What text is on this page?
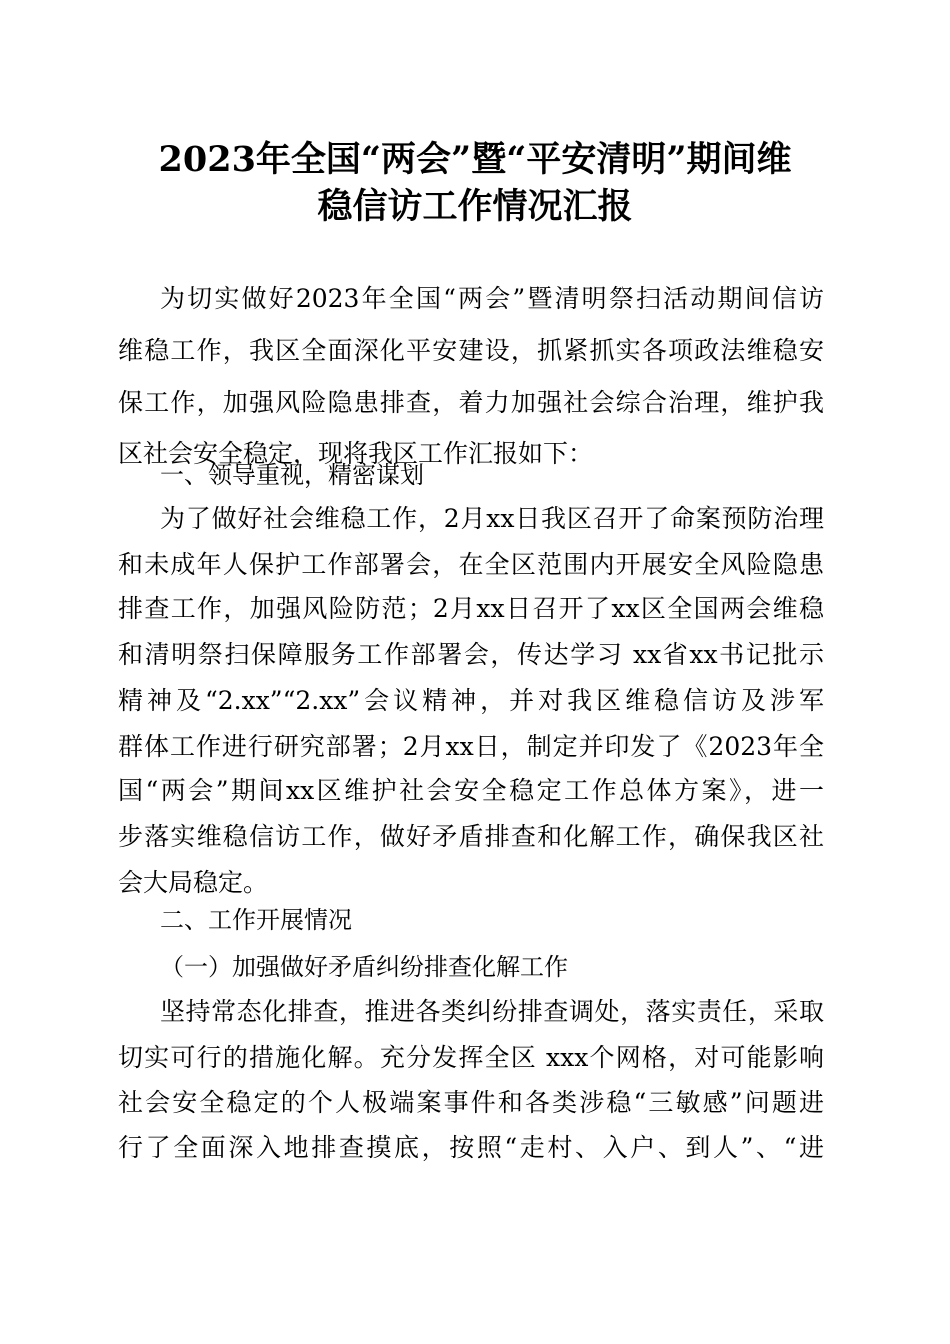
2023年全国“两会”暨“平安清明”期间维
稳信访工作情况汇报
为切实做好2023年全国“两会”暨清明祭扫活动期间信访
维稳工作，我区全面深化平安建设，抓紧抓实各项政法维稳安
保工作，加强风险隐患排查，着力加强社会综合治理，维护我
区社会安全稳定，现将我区工作汇报如下：
一、领导重视，精密谋划
为了做好社会维稳工作，2月xx日我区召开了命案预防治理
和未成年人保护工作部署会，在全区范围内开展安全风险隐患
排查工作，加强风险防范；2月xx日召开了xx区全国两会维稳
和清明祭扫保障服务工作部署会，传达学习 xx省xx书记批示
精神及“2.xx”“2.xx”会议精神，并对我区维稳信访及涉军
群体工作进行研究部署；2月xx日，制定并印发了《2023年全
国“两会”期间xx区维护社会安全稳定工作总体方案》，进一
步落实维稳信访工作，做好矛盾排查和化解工作，确保我区社
会大局稳定。
二、工作开展情况
（一）加强做好矛盾纠纷排查化解工作
坚持常态化排查，推进各类纠纷排查调处，落实责任，采取
切实可行的措施化解。充分发挥全区 xxx个网格，对可能影响
社会安全稳定的个人极端案事件和各类涉稳“三敏感”问题进
行了全面深入地排查摸底，按照“走村、入户、到人”、“进
